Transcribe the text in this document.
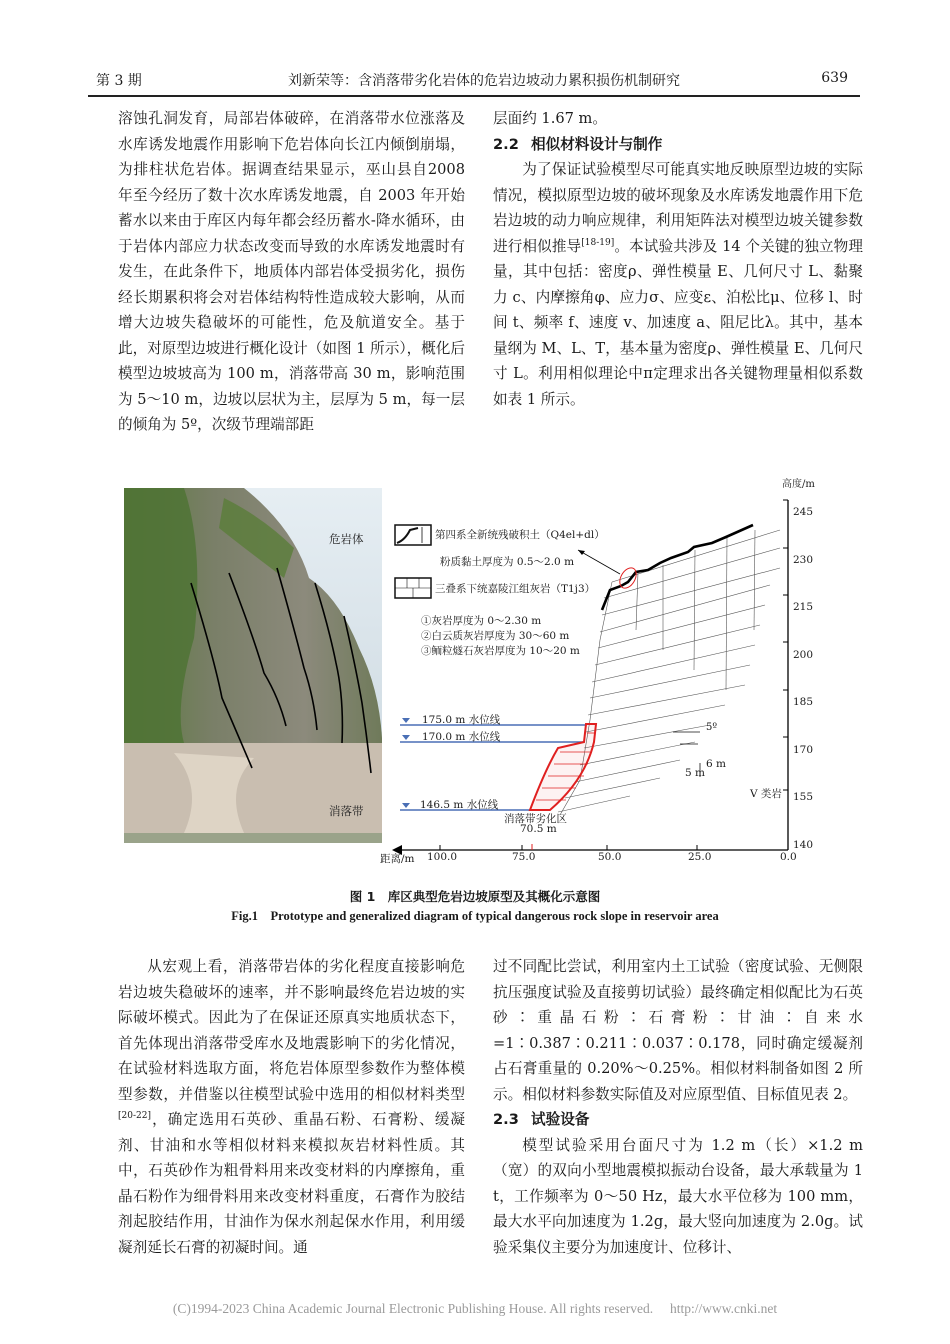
第 3 期	刘新荣等：含消落带劣化岩体的危岩边坡动力累积损伤机制研究	639

溶蚀孔洞发育，局部岩体破碎，在消落带水位涨落及水库诱发地震作用影响下危岩体向长江内倾倒崩塌，为排柱状危岩体。据调查结果显示，巫山县自2008 年至今经历了数十次水库诱发地震，自 2003 年开始蓄水以来由于库区内每年都会经历蓄水-降水循环，由于岩体内部应力状态改变而导致的水库诱发地震时有发生，在此条件下，地质体内部岩体受损劣化，损伤经长期累积将会对岩体结构特性造成较大影响，从而增大边坡失稳破坏的可能性，危及航道安全。基于此，对原型边坡进行概化设计（如图 1 所示），概化后模型边坡坡高为 100 m，消落带高 30 m，影响范围为 5～10 m，边坡以层状为主，层厚为 5 m，每一层的倾角为 5º，次级节理端部距

层面约 1.67 m。

2.2 相似材料设计与制作

为了保证试验模型尽可能真实地反映原型边坡的实际情况，模拟原型边坡的破坏现象及水库诱发地震作用下危岩边坡的动力响应规律，利用矩阵法对模型边坡关键参数进行相似推导[18-19]。本试验共涉及 14 个关键的独立物理量，其中包括：密度ρ、弹性模量 E、几何尺寸 L、黏聚力 c、内摩擦角φ、应力σ、应变ε、泊松比μ、位移 l、时间 t、频率 f、速度 v、加速度 a、阻尼比λ。其中，基本量纲为 M、L、T，基本量为密度ρ、弹性模量 E、几何尺寸 L。利用相似理论中π定理求出各关键物理量相似系数如表 1 所示。

危岩体
消落带
第四系全新统残破积土（Q4el+dl）
粉质黏土厚度为 0.5～2.0 m
三叠系下统嘉陵江组灰岩（T1j3）
①灰岩厚度为 0～2.30 m
②白云质灰岩厚度为 30～60 m
③鲕粒燧石灰岩厚度为 10～20 m
175.0 m 水位线
170.0 m 水位线
146.5 m 水位线
消落带劣化区
70.5 m
5º
6 m
5 m
V 类岩
高度/m
245
230
215
200
185
170
155
140
距离/m 100.0	75.0	50.0	25.0	0.0
图 1　库区典型危岩边坡原型及其概化示意图
Fig.1　Prototype and generalized diagram of typical dangerous rock slope in reservoir area

从宏观上看，消落带岩体的劣化程度直接影响危岩边坡失稳破坏的速率，并不影响最终危岩边坡的实际破坏模式。因此为了在保证还原真实地质状态下，首先体现出消落带受库水及地震影响下的劣化情况，在试验材料选取方面，将危岩体原型参数作为整体模型参数，并借鉴以往模型试验中选用的相似材料类型[20-22]，确定选用石英砂、重晶石粉、石膏粉、缓凝剂、甘油和水等相似材料来模拟灰岩材料性质。其中，石英砂作为粗骨料用来改变材料的内摩擦角，重晶石粉作为细骨料用来改变材料重度，石膏作为胶结剂起胶结作用，甘油作为保水剂起保水作用，利用缓凝剂延长石膏的初凝时间。通

过不同配比尝试，利用室内土工试验（密度试验、无侧限抗压强度试验及直接剪切试验）最终确定相似配比为石英砂∶重晶石粉∶石膏粉∶甘油∶自来水=1∶0.387∶0.211∶0.037∶0.178，同时确定缓凝剂占石膏重量的 0.20%～0.25%。相似材料制备如图 2 所示。相似材料参数实际值及对应原型值、目标值见表 2。

2.3 试验设备

模型试验采用台面尺寸为 1.2 m（长）×1.2 m（宽）的双向小型地震模拟振动台设备，最大承载量为 1 t，工作频率为 0～50 Hz，最大水平位移为 100 mm，最大水平向加速度为 1.2g，最大竖向加速度为 2.0g。试验采集仪主要分为加速度计、位移计、

(C)1994-2023 China Academic Journal Electronic Publishing House. All rights reserved.　 http://www.cnki.net
